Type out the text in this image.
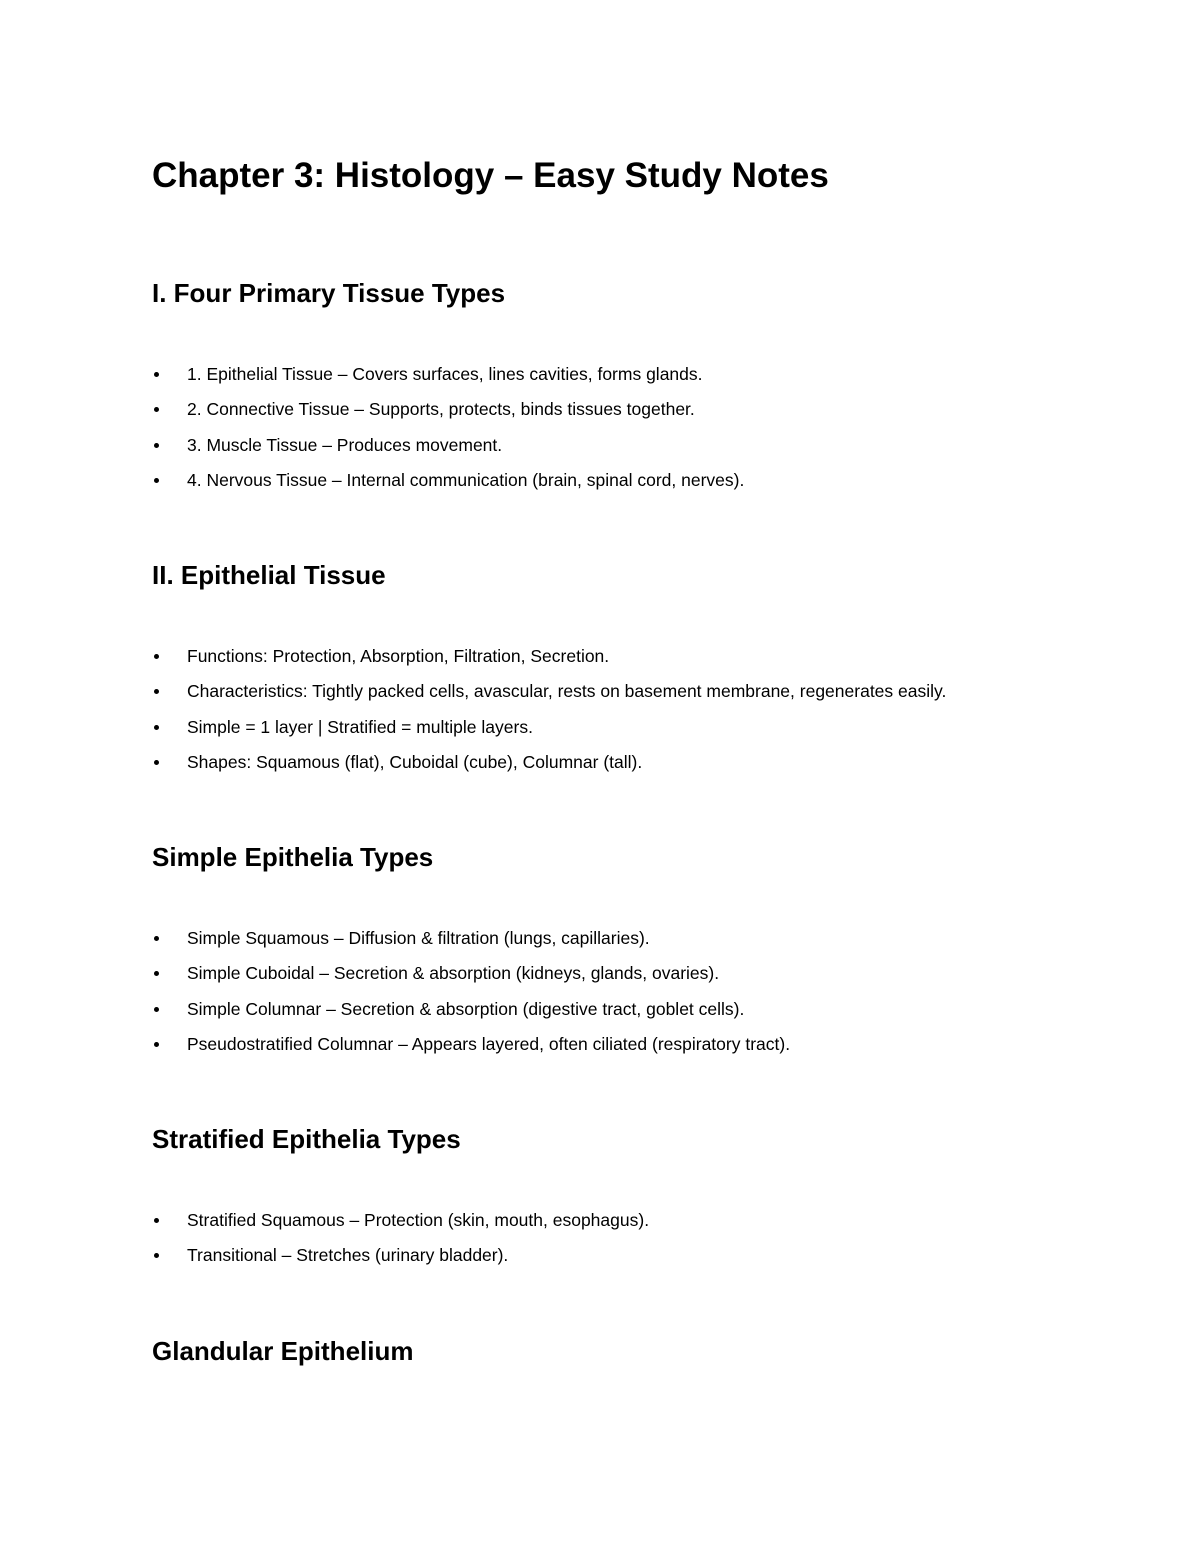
Chapter 3: Histology – Easy Study Notes
I. Four Primary Tissue Types
1. Epithelial Tissue – Covers surfaces, lines cavities, forms glands.
2. Connective Tissue – Supports, protects, binds tissues together.
3. Muscle Tissue – Produces movement.
4. Nervous Tissue – Internal communication (brain, spinal cord, nerves).
II. Epithelial Tissue
Functions: Protection, Absorption, Filtration, Secretion.
Characteristics: Tightly packed cells, avascular, rests on basement membrane, regenerates easily.
Simple = 1 layer | Stratified = multiple layers.
Shapes: Squamous (flat), Cuboidal (cube), Columnar (tall).
Simple Epithelia Types
Simple Squamous – Diffusion & filtration (lungs, capillaries).
Simple Cuboidal – Secretion & absorption (kidneys, glands, ovaries).
Simple Columnar – Secretion & absorption (digestive tract, goblet cells).
Pseudostratified Columnar – Appears layered, often ciliated (respiratory tract).
Stratified Epithelia Types
Stratified Squamous – Protection (skin, mouth, esophagus).
Transitional – Stretches (urinary bladder).
Glandular Epithelium
